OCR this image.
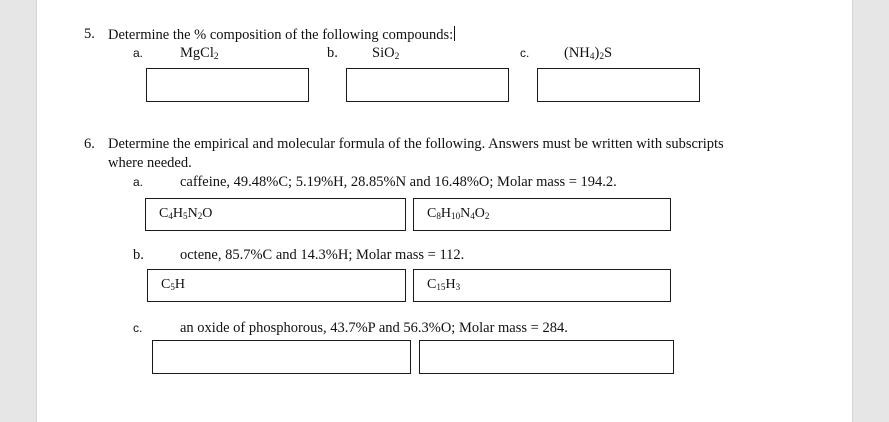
5. Determine the % composition of the following compounds:
a.	MgCl$_2$	b. SiO$_2$	c. $(NH_4)_2S$
6. Determine the empirical and molecular formula of the following. Answers must be written with subscripts
where needed.
a.	caffeine, 49.48%C; 5.19%H, 28.85%N and 16.48%O; Molar mass = 194.2.
$C_4H_5N_2O$	$C_8H_{10}N_4O_2$
b. octene, 85.7%C and 14.3%H; Molar mass = 112.
$C_5H$	$C_{15}H_3$
c.	an oxide of phosphorous, 43.7%P and 56.3%O; Molar mass = 284.
